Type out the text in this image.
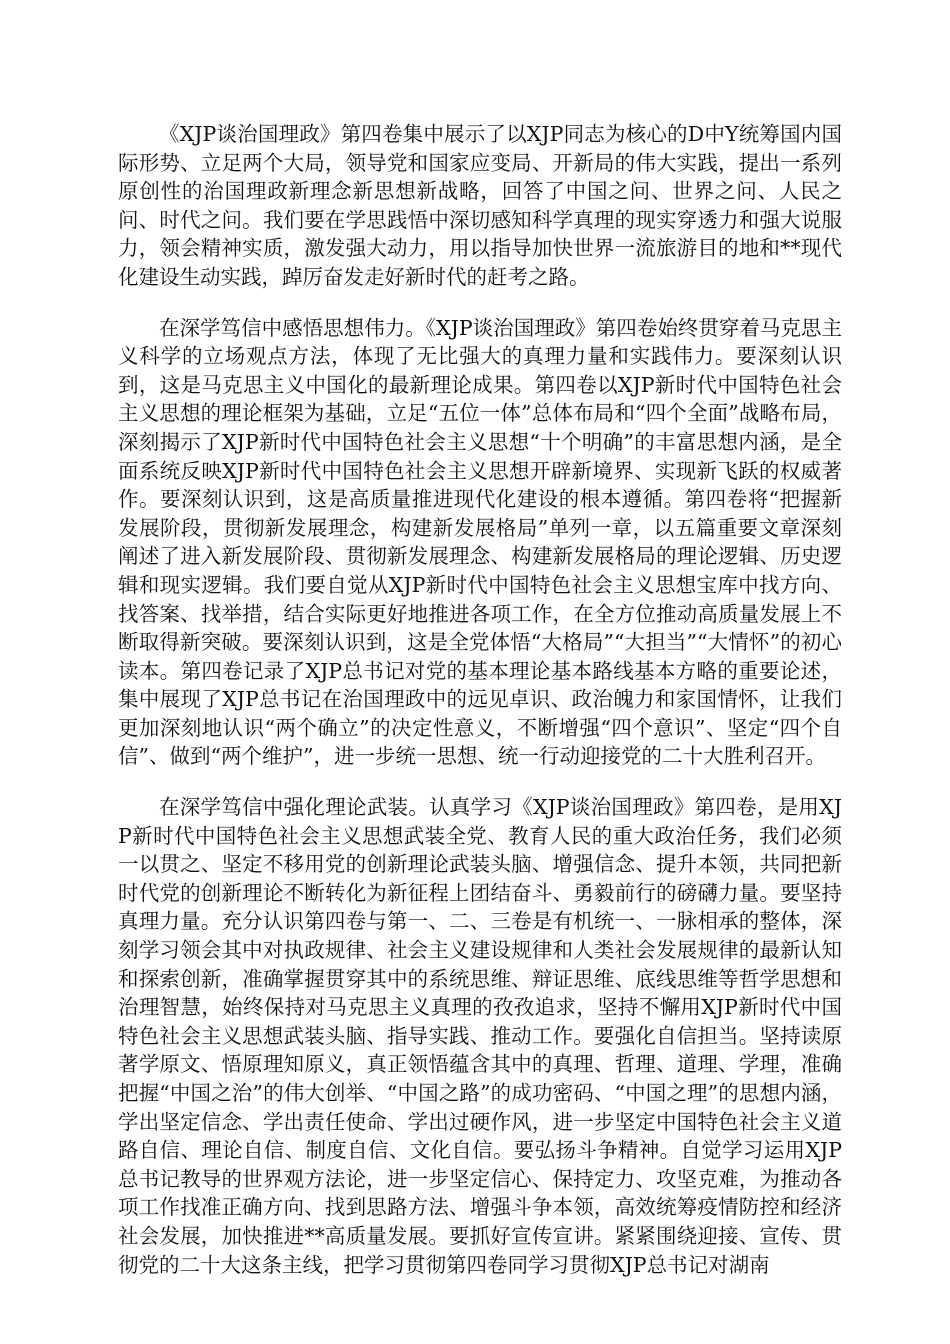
《XJP谈治国理政》第四卷集中展示了以XJP同志为核心的D中Y统筹国内国际形势、立足两个大局，领导党和国家应变局、开新局的伟大实践，提出一系列原创性的治国理政新理念新思想新战略，回答了中国之问、世界之问、人民之问、时代之问。我们要在学思践悟中深切感知科学真理的现实穿透力和强大说服力，领会精神实质，激发强大动力，用以指导加快世界一流旅游目的地和**现代化建设生动实践，踔厉奋发走好新时代的赶考之路。

在深学笃信中感悟思想伟力。《XJP谈治国理政》第四卷始终贯穿着马克思主义科学的立场观点方法，体现了无比强大的真理力量和实践伟力。要深刻认识到，这是马克思主义中国化的最新理论成果。第四卷以XJP新时代中国特色社会主义思想的理论框架为基础，立足“五位一体”总体布局和“四个全面”战略布局，深刻揭示了XJP新时代中国特色社会主义思想“十个明确”的丰富思想内涵，是全面系统反映XJP新时代中国特色社会主义思想开辟新境界、实现新飞跃的权威著作。要深刻认识到，这是高质量推进现代化建设的根本遵循。第四卷将“把握新发展阶段，贯彻新发展理念，构建新发展格局”单列一章，以五篇重要文章深刻阐述了进入新发展阶段、贯彻新发展理念、构建新发展格局的理论逻辑、历史逻辑和现实逻辑。我们要自觉从XJP新时代中国特色社会主义思想宝库中找方向、找答案、找举措，结合实际更好地推进各项工作，在全方位推动高质量发展上不断取得新突破。要深刻认识到，这是全党体悟“大格局”“大担当”“大情怀”的初心读本。第四卷记录了XJP总书记对党的基本理论基本路线基本方略的重要论述，集中展现了XJP总书记在治国理政中的远见卓识、政治魄力和家国情怀，让我们更加深刻地认识“两个确立”的决定性意义，不断增强“四个意识”、坚定“四个自信”、做到“两个维护”，进一步统一思想、统一行动迎接党的二十大胜利召开。

在深学笃信中强化理论武装。认真学习《XJP谈治国理政》第四卷，是用XJP新时代中国特色社会主义思想武装全党、教育人民的重大政治任务，我们必须一以贯之、坚定不移用党的创新理论武装头脑、增强信念、提升本领，共同把新时代党的创新理论不断转化为新征程上团结奋斗、勇毅前行的磅礴力量。要坚持真理力量。充分认识第四卷与第一、二、三卷是有机统一、一脉相承的整体，深刻学习领会其中对执政规律、社会主义建设规律和人类社会发展规律的最新认知和探索创新，准确掌握贯穿其中的系统思维、辩证思维、底线思维等哲学思想和治理智慧，始终保持对马克思主义真理的孜孜追求，坚持不懈用XJP新时代中国特色社会主义思想武装头脑、指导实践、推动工作。要强化自信担当。坚持读原著学原文、悟原理知原义，真正领悟蕴含其中的真理、哲理、道理、学理，准确把握“中国之治”的伟大创举、“中国之路”的成功密码、“中国之理”的思想内涵，学出坚定信念、学出责任使命、学出过硬作风，进一步坚定中国特色社会主义道路自信、理论自信、制度自信、文化自信。要弘扬斗争精神。自觉学习运用XJP总书记教导的世界观方法论，进一步坚定信心、保持定力、攻坚克难，为推动各项工作找准正确方向、找到思路方法、增强斗争本领，高效统筹疫情防控和经济社会发展，加快推进**高质量发展。要抓好宣传宣讲。紧紧围绕迎接、宣传、贯彻党的二十大这条主线，把学习贯彻第四卷同学习贯彻XJP总书记对湖南
